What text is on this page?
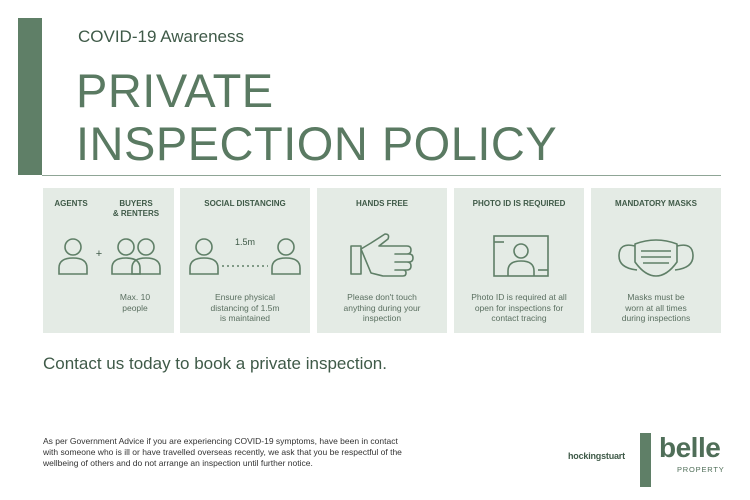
COVID-19 Awareness
PRIVATE
INSPECTION POLICY
AGENTS	BUYERS
& RENTERS
+
Max. 10
people
SOCIAL DISTANCING
1.5m
Ensure physical
distancing of 1.5m
is maintained
HANDS FREE
Please don't touch
anything during your
inspection
PHOTO ID IS REQUIRED
Photo ID is required at all
open for inspections for
contact tracing
MANDATORY MASKS
Masks must be
worn at all times
during inspections
Contact us today to book a private inspection.
As per Government Advice if you are experiencing COVID-19 symptoms, have been in contact
with someone who is ill or have travelled overseas recently, we ask that you be respectful of the
wellbeing of others and do not arrange an inspection until further notice.
hockingstuart belle
PROPERTY
